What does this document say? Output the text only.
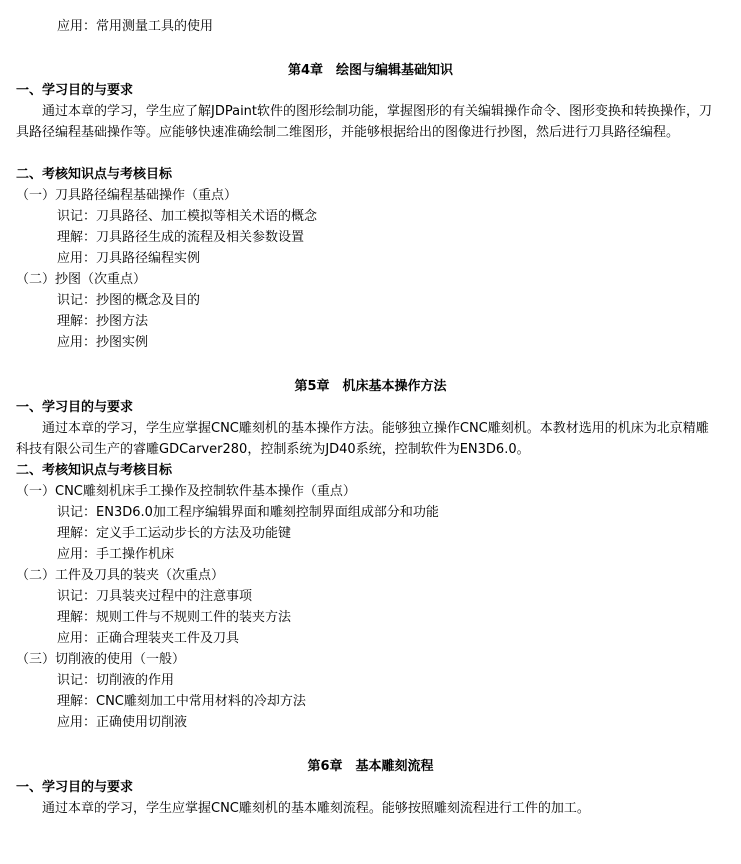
应用：常用测量工具的使用
第4章　绘图与编辑基础知识
一、学习目的与要求
通过本章的学习，学生应了解JDPaint软件的图形绘制功能，掌握图形的有关编辑操作命令、图形变换和转换操作，刀具路径编程基础操作等。应能够快速准确绘制二维图形，并能够根据给出的图像进行抄图，然后进行刀具路径编程。
二、考核知识点与考核目标
（一）刀具路径编程基础操作（重点）
识记：刀具路径、加工模拟等相关术语的概念
理解：刀具路径生成的流程及相关参数设置
应用：刀具路径编程实例
（二）抄图（次重点）
识记：抄图的概念及目的
理解：抄图方法
应用：抄图实例
第5章　机床基本操作方法
一、学习目的与要求
通过本章的学习，学生应掌握CNC雕刻机的基本操作方法。能够独立操作CNC雕刻机。本教材选用的机床为北京精雕科技有限公司生产的睿雕GDCarver280，控制系统为JD40系统，控制软件为EN3D6.0。
二、考核知识点与考核目标
（一）CNC雕刻机床手工操作及控制软件基本操作（重点）
识记：EN3D6.0加工程序编辑界面和雕刻控制界面组成部分和功能
理解：定义手工运动步长的方法及功能键
应用：手工操作机床
（二）工件及刀具的装夹（次重点）
识记：刀具装夹过程中的注意事项
理解：规则工件与不规则工件的装夹方法
应用：正确合理装夹工件及刀具
（三）切削液的使用（一般）
识记：切削液的作用
理解：CNC雕刻加工中常用材料的冷却方法
应用：正确使用切削液
第6章　基本雕刻流程
一、学习目的与要求
通过本章的学习，学生应掌握CNC雕刻机的基本雕刻流程。能够按照雕刻流程进行工件的加工。
